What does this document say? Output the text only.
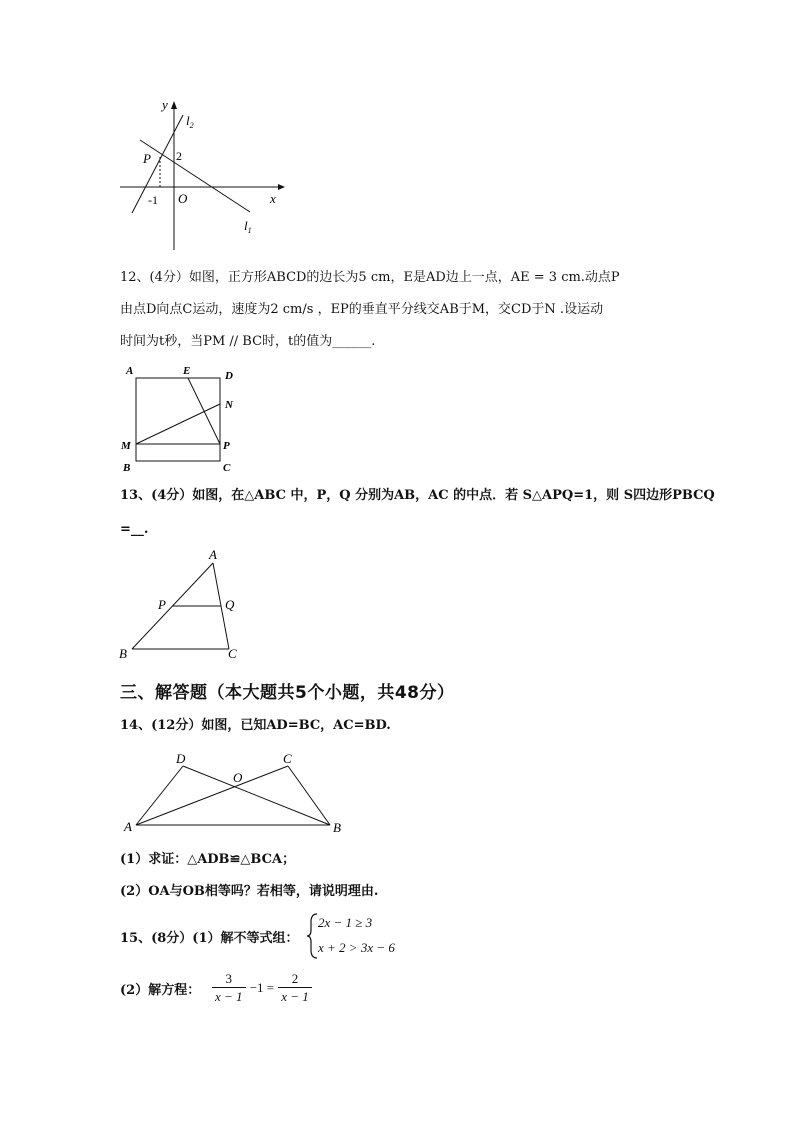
y
x
O
$l_2$
$l_1$
P 2
-1
12、(4分）如图，正方形ABCD的边长为5 cm，E是AD边上一点，AE = 3 cm.动点P
由点D向点C运动，速度为2 cm/s ，EP的垂直平分线交AB于M，交CD于N .设运动
时间为t秒，当PM // BC时，t的值为______.
A	E	D
N
M	P
B	C
13、(4分）如图，在△ABC 中，P，Q 分别为AB，AC 的中点．若 S△APQ=1，则 S四边形PBCQ
=__.
A
P	Q
B	C
三、解答题（本大题共5个小题，共48分）
14、(12分）如图，已知AD=BC，AC=BD.
D
O
C
A	B
(1）求证：△ADB≌△BCA；
(2）OA与OB相等吗？若相等，请说明理由.
15、(8分）(1）解不等式组：
2x − 1 ≥ 3
x + 2 > 3x − 6
(2）解方程： $\frac{3}{x - 1} -1 = \frac{2}{x - 1}$
